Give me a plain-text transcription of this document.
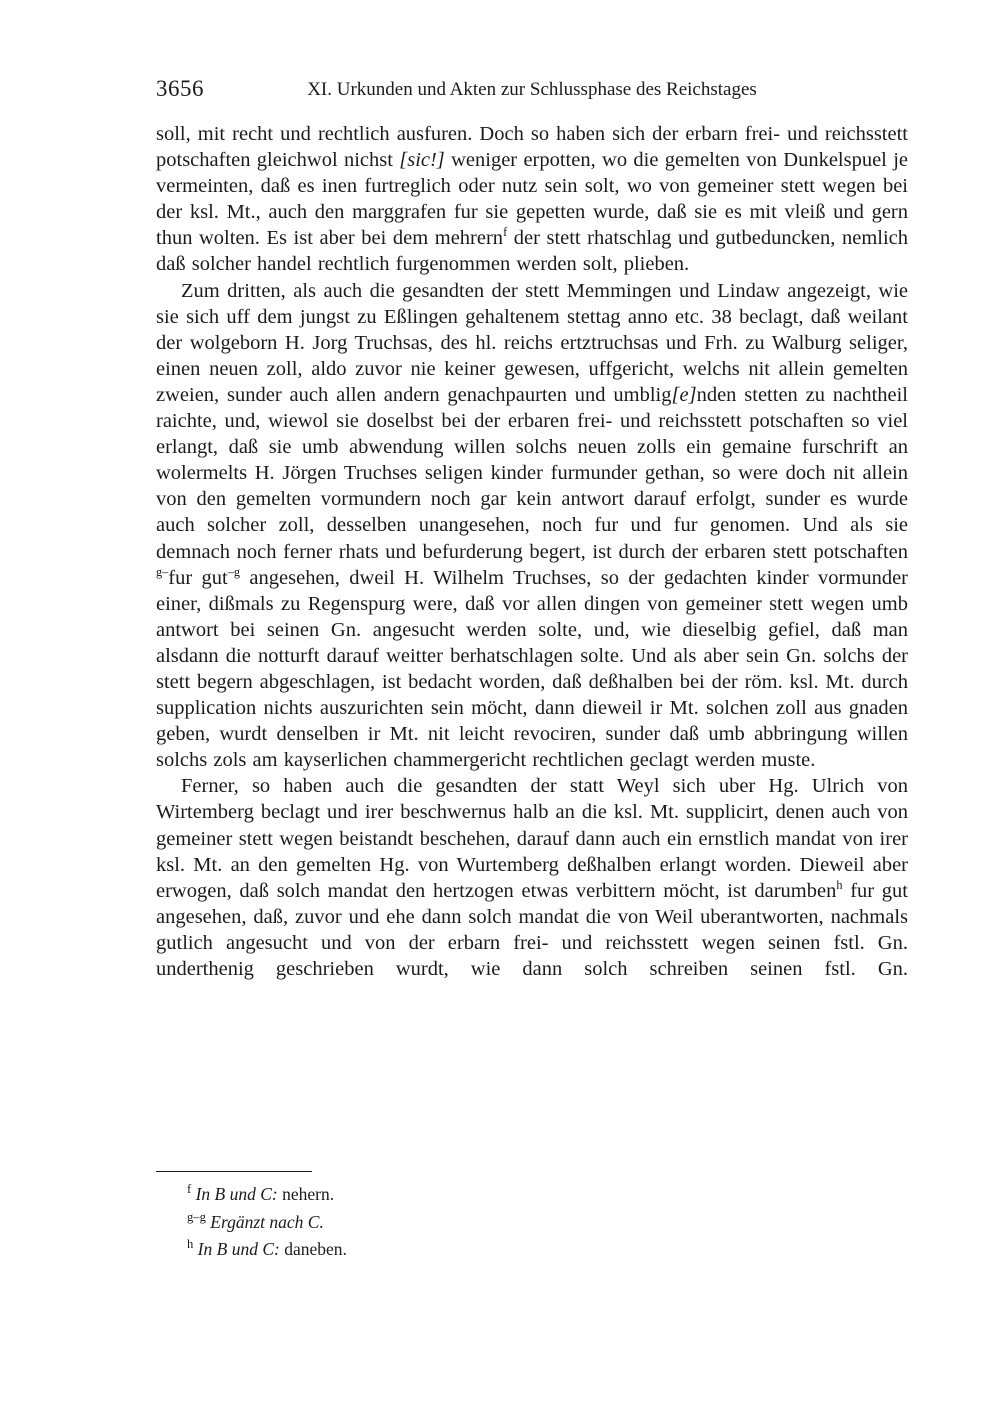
3656	XI. Urkunden und Akten zur Schlussphase des Reichstages

soll, mit recht und rechtlich ausfuren. Doch so haben sich der erbarn frei- und reichsstett potschaften gleichwol nichst [sic!] weniger erpotten, wo die gemelten von Dunkelspuel je vermeinten, daß es inen furtreglich oder nutz sein solt, wo von gemeiner stett wegen bei der ksl. Mt., auch den marggrafen fur sie gepetten wurde, daß sie es mit vleiß und gern thun wolten. Es ist aber bei dem mehrern$^f$ der stett rhatschlag und gutbeduncken, nemlich daß solcher handel rechtlich furgenommen werden solt, plieben.

Zum dritten, als auch die gesandten der stett Memmingen und Lindaw angezeigt, wie sie sich uff dem jungst zu Eßlingen gehaltenem stettag anno etc. 38 beclagt, daß weilant der wolgeborn H. Jorg Truchsas, des hl. reichs ertztruchsas und Frh. zu Walburg seliger, einen neuen zoll, aldo zuvor nie keiner gewesen, uffgericht, welchs nit allein gemelten zweien, sunder auch allen andern genachpaurten und umblig[e]nden stetten zu nachtheil raichte, und, wiewol sie doselbst bei der erbaren frei- und reichsstett potschaften so viel erlangt, daß sie umb abwendung willen solchs neuen zolls ein gemaine furschrift an wolermelts H. Jörgen Truchses seligen kinder furmunder gethan, so were doch nit allein von den gemelten vormundern noch gar kein antwort darauf erfolgt, sunder es wurde auch solcher zoll, desselben unangesehen, noch fur und fur genomen. Und als sie demnach noch ferner rhats und befurderung begert, ist durch der erbaren stett potschaften $^{g-}$fur gut$^{-g}$ angesehen, dweil H. Wilhelm Truchses, so der gedachten kinder vormunder einer, dißmals zu Regenspurg were, daß vor allen dingen von gemeiner stett wegen umb antwort bei seinen Gn. angesucht werden solte, und, wie dieselbig gefiel, daß man alsdann die notturft darauf weitter berhatschlagen solte. Und als aber sein Gn. solchs der stett begern abgeschlagen, ist bedacht worden, daß deßhalben bei der röm. ksl. Mt. durch supplication nichts auszurichten sein möcht, dann dieweil ir Mt. solchen zoll aus gnaden geben, wurdt denselben ir Mt. nit leicht revociren, sunder daß umb abbringung willen solchs zols am kayserlichen chammergericht rechtlichen geclagt werden muste.

Ferner, so haben auch die gesandten der statt Weyl sich uber Hg. Ulrich von Wirtemberg beclagt und irer beschwernus halb an die ksl. Mt. supplicirt, denen auch von gemeiner stett wegen beistandt beschehen, darauf dann auch ein ernstlich mandat von irer ksl. Mt. an den gemelten Hg. von Wurtemberg deßhalben erlangt worden. Dieweil aber erwogen, daß solch mandat den hertzogen etwas verbittern möcht, ist darumben$^h$ fur gut angesehen, daß, zuvor und ehe dann solch mandat die von Weil uberantworten, nachmals gutlich angesucht und von der erbarn frei- und reichsstett wegen seinen fstl. Gn. underthenig geschrieben wurdt, wie dann solch schreiben seinen fstl. Gn.

$^f$ In B und C: nehern.
$^{g-g}$ Ergänzt nach C.
$^h$ In B und C: daneben.
